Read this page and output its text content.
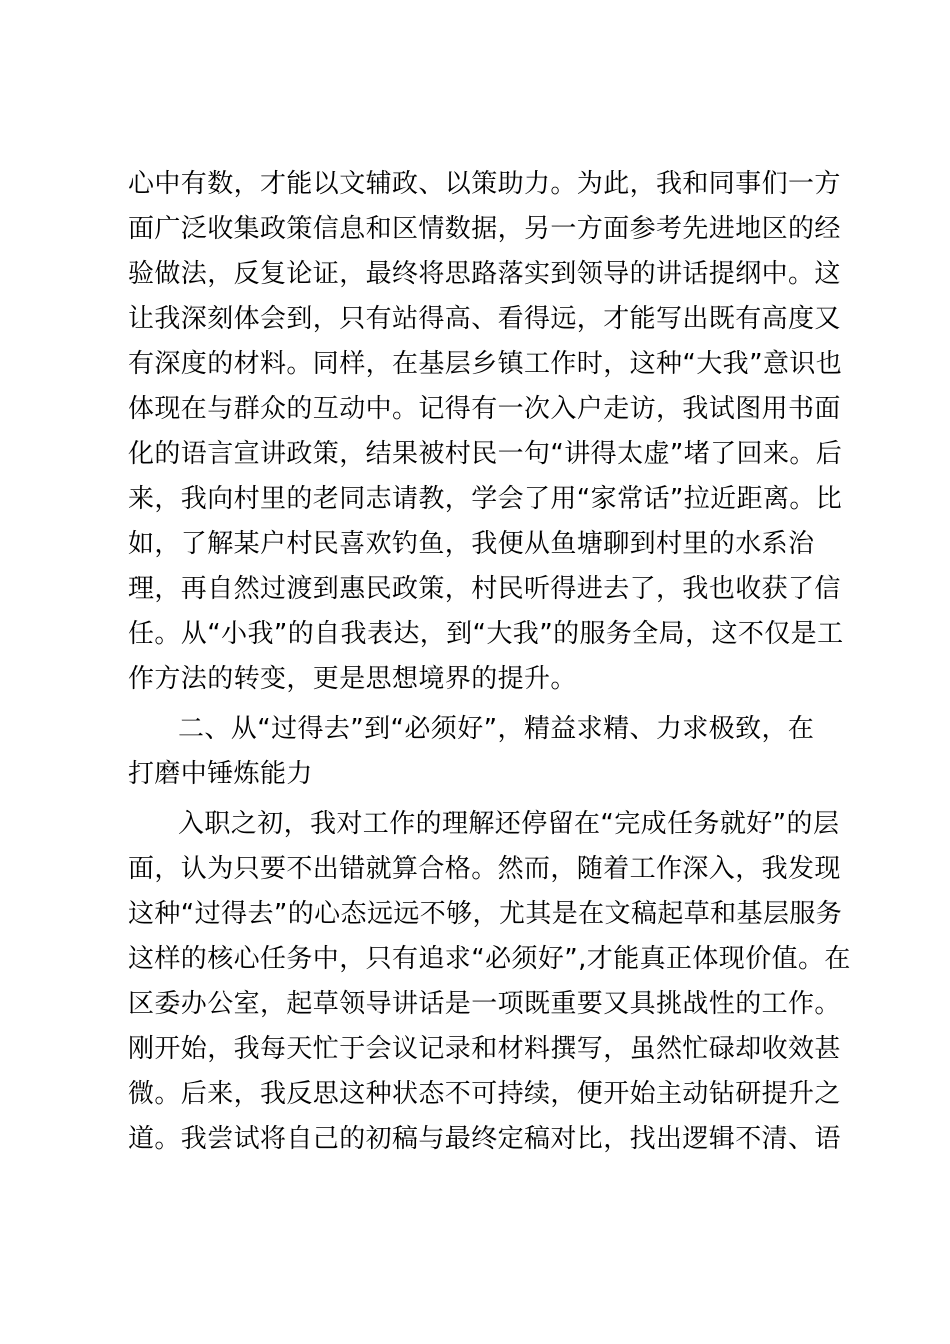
心中有数，才能以文辅政、以策助力。为此，我和同事们一方
面广泛收集政策信息和区情数据，另一方面参考先进地区的经
验做法，反复论证，最终将思路落实到领导的讲话提纲中。这
让我深刻体会到，只有站得高、看得远，才能写出既有高度又
有深度的材料。同样，在基层乡镇工作时，这种“大我”意识也
体现在与群众的互动中。记得有一次入户走访，我试图用书面
化的语言宣讲政策，结果被村民一句“讲得太虚”堵了回来。后
来，我向村里的老同志请教，学会了用“家常话”拉近距离。比
如，了解某户村民喜欢钓鱼，我便从鱼塘聊到村里的水系治
理，再自然过渡到惠民政策，村民听得进去了，我也收获了信
任。从“小我”的自我表达，到“大我”的服务全局，这不仅是工
作方法的转变，更是思想境界的提升。
二、从“过得去”到“必须好”，精益求精、力求极致，在
打磨中锤炼能力
入职之初，我对工作的理解还停留在“完成任务就好”的层
面，认为只要不出错就算合格。然而，随着工作深入，我发现
这种“过得去”的心态远远不够，尤其是在文稿起草和基层服务
这样的核心任务中，只有追求“必须好”,才能真正体现价值。在
区委办公室，起草领导讲话是一项既重要又具挑战性的工作。
刚开始，我每天忙于会议记录和材料撰写，虽然忙碌却收效甚
微。后来，我反思这种状态不可持续，便开始主动钻研提升之
道。我尝试将自己的初稿与最终定稿对比，找出逻辑不清、语
